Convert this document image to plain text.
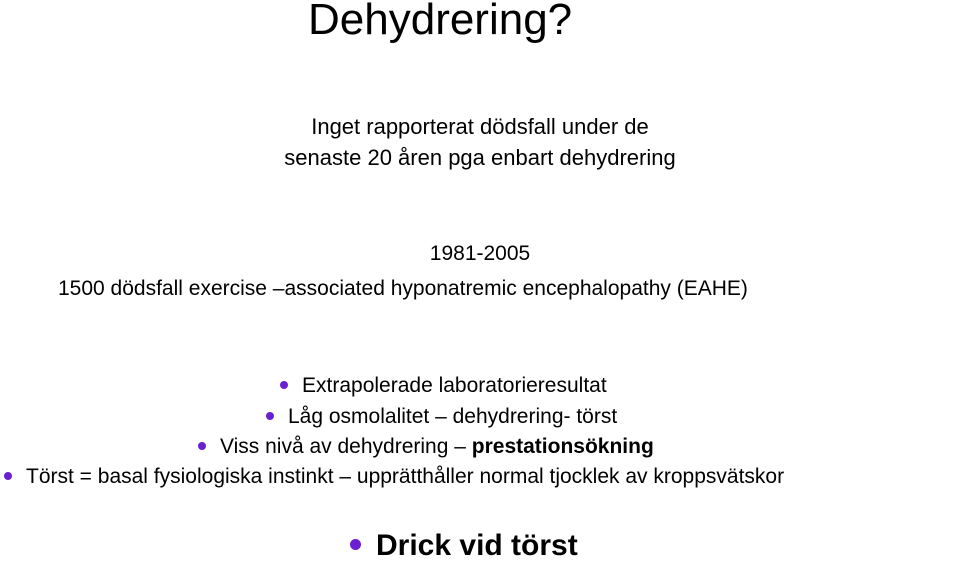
Dehydrering?
Inget rapporterat dödsfall under de
senaste 20 åren pga enbart dehydrering
1981-2005
1500 dödsfall exercise –associated hyponatremic encephalopathy (EAHE)
Extrapolerade laboratorieresultat
Låg osmolalitet – dehydrering- törst
Viss nivå av dehydrering – prestationsökning
Törst = basal fysiologiska instinkt – upprätthåller normal tjocklek av kroppsvätskor
Drick vid törst
